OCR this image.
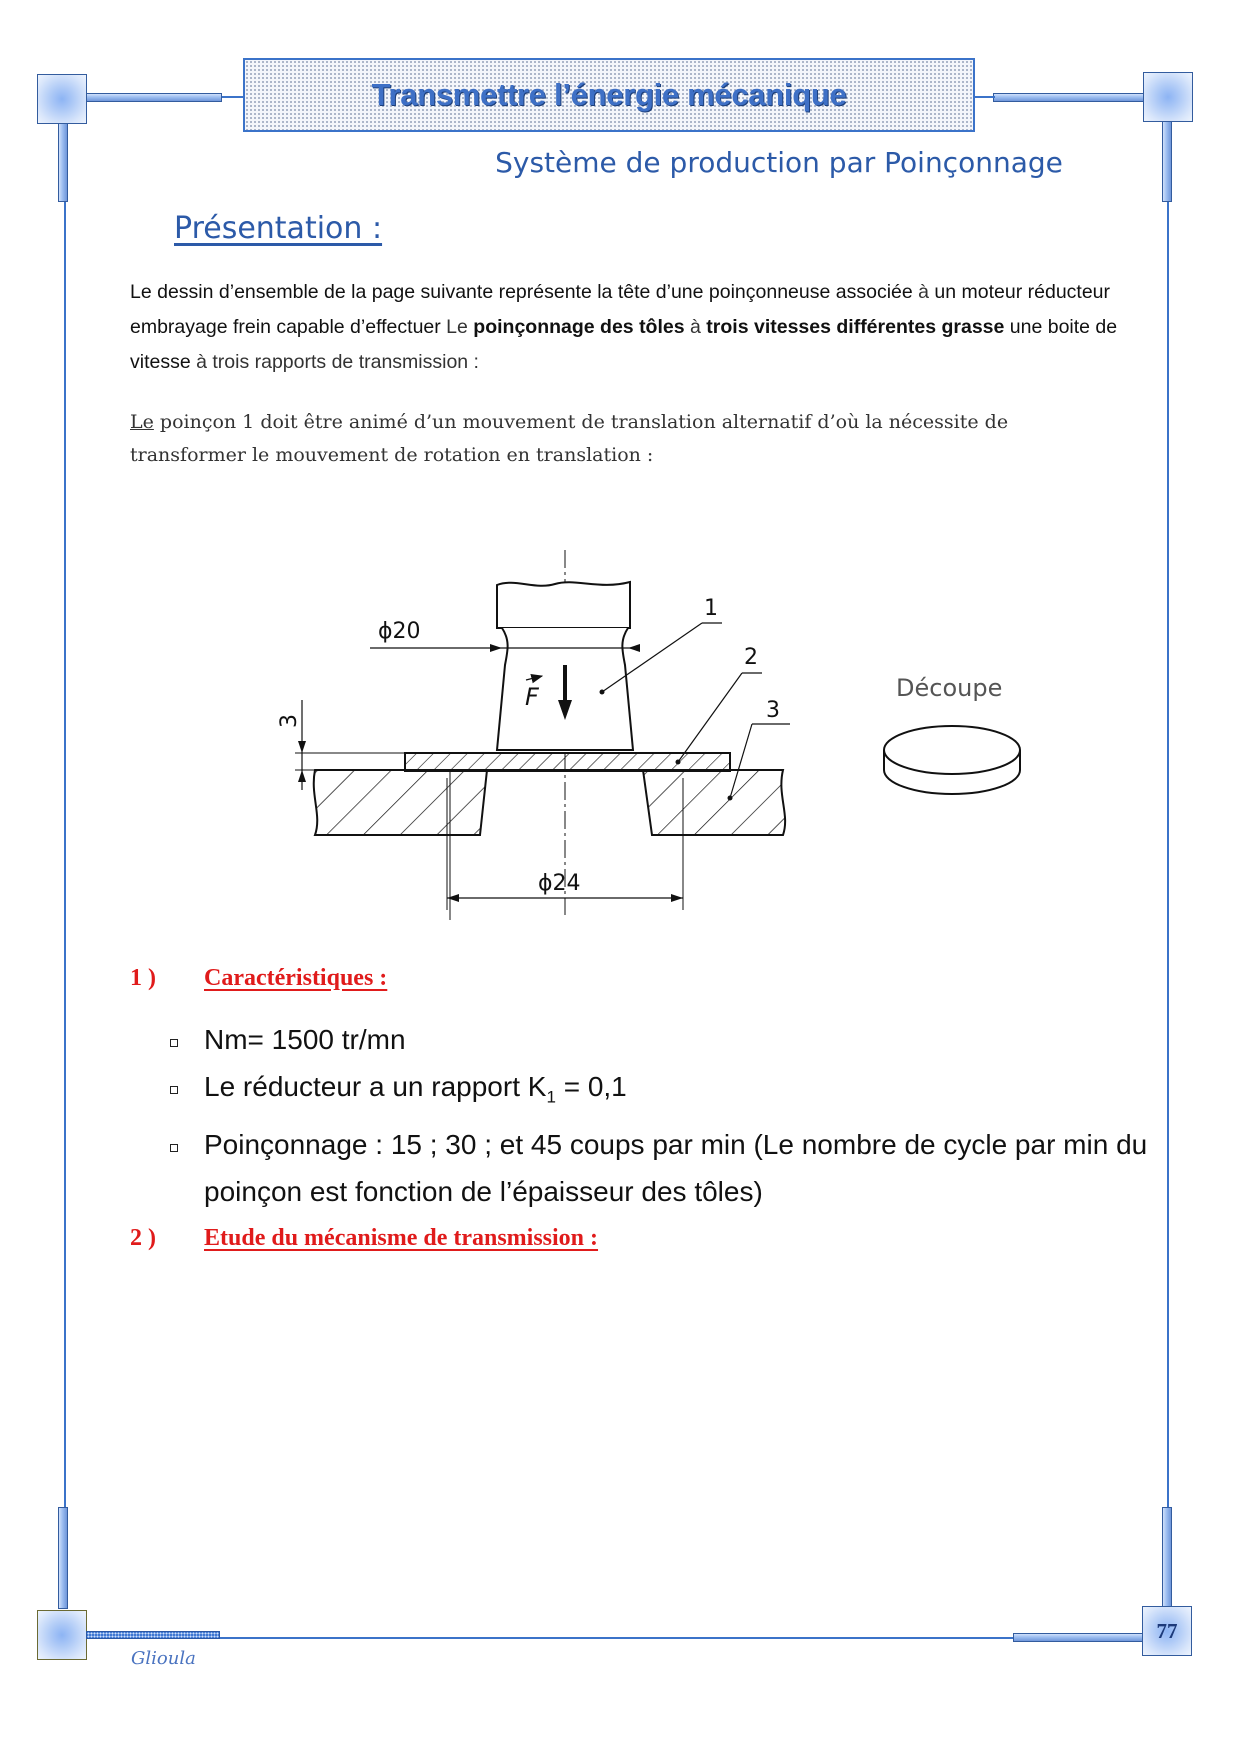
Transmettre l’énergie mécanique
Système de production par Poinçonnage
Présentation :
Le dessin d’ensemble de la page suivante représente la tête d’une poinçonneuse associée à un moteur réducteur embrayage frein capable d’effectuer Le poinçonnage des tôles à trois vitesses différentes grasse une boite de vitesse à trois rapports de transmission :
Le poinçon 1 doit être animé d’un mouvement de translation alternatif d’où la nécessite de transformer le mouvement de rotation en translation :
F
ϕ20
ϕ24
3
1
2
3
Découpe
1 ) Caractéristiques :
Nm= 1500 tr/mn
Le réducteur a un rapport $K_1 = 0,1$
Poinçonnage : 15 ; 30 ; et 45 coups par min (Le nombre de cycle par min du poinçon est fonction de l’épaisseur des tôles)
2 ) Etude du mécanisme de transmission :
77
Glioula
